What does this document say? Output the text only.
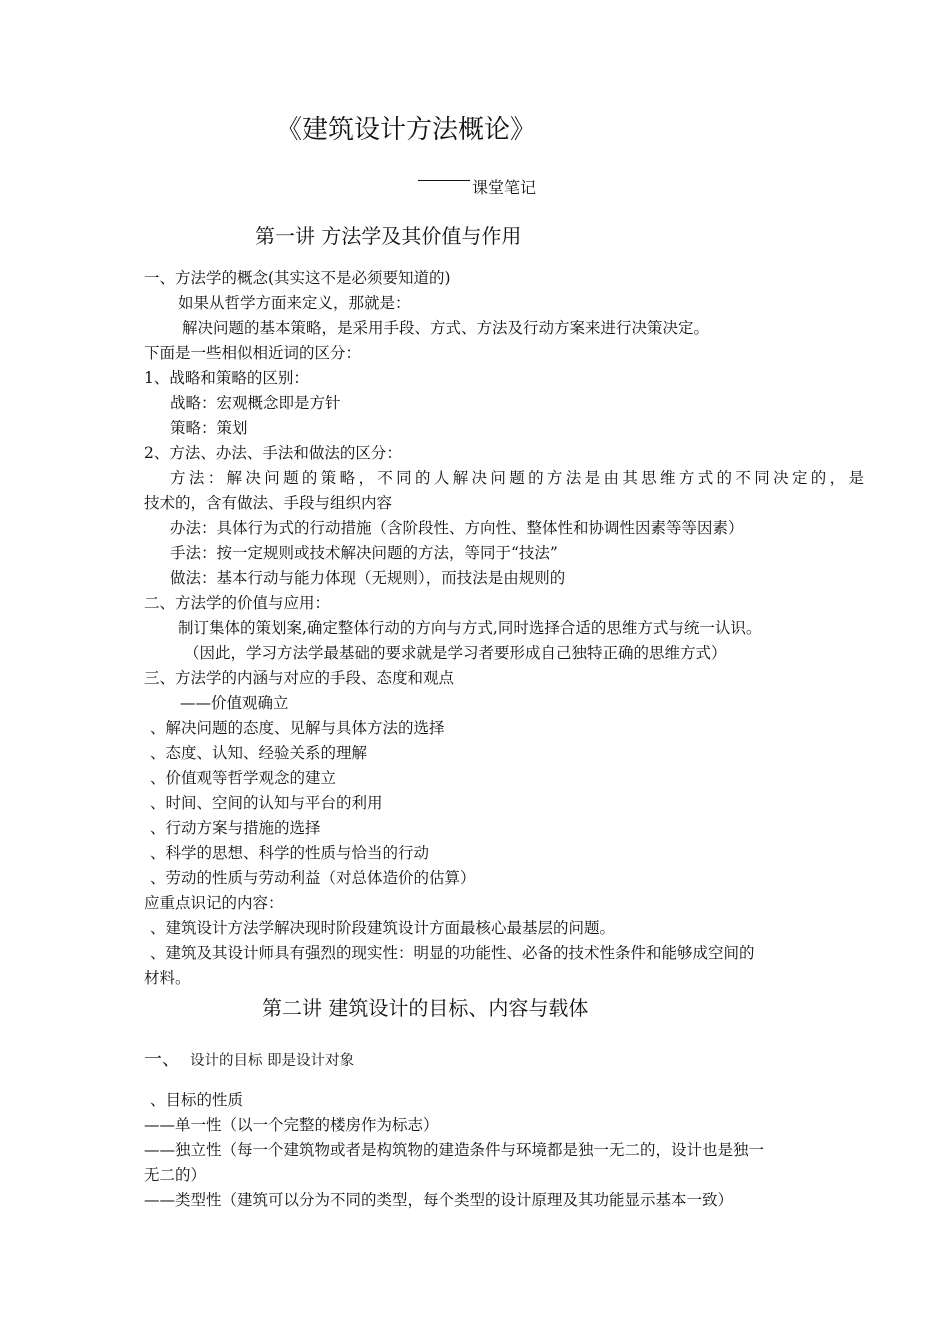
《建筑设计方法概论》
课堂笔记
第一讲 方法学及其价值与作用
一、方法学的概念(其实这不是必须要知道的)
如果从哲学方面来定义，那就是：
解决问题的基本策略，是采用手段、方式、方法及行动方案来进行决策决定。
下面是一些相似相近词的区分：
1、战略和策略的区别：
战略：宏观概念即是方针
策略：策划
2、方法、办法、手法和做法的区分：
方法：解决问题的策略，不同的人解决问题的方法是由其思维方式的不同决定的，是
技术的，含有做法、手段与组织内容
办法：具体行为式的行动措施（含阶段性、方向性、整体性和协调性因素等等因素）
手法：按一定规则或技术解决问题的方法，等同于“技法”
做法：基本行动与能力体现（无规则），而技法是由规则的
二、方法学的价值与应用：
制订集体的策划案,确定整体行动的方向与方式,同时选择合适的思维方式与统一认识。
（因此，学习方法学最基础的要求就是学习者要形成自己独特正确的思维方式）
三、方法学的内涵与对应的手段、态度和观点
——价值观确立
、解决问题的态度、见解与具体方法的选择
、态度、认知、经验关系的理解
、价值观等哲学观念的建立
、时间、空间的认知与平台的利用
、行动方案与措施的选择
、科学的思想、科学的性质与恰当的行动
、劳动的性质与劳动利益（对总体造价的估算）
应重点识记的内容：
、建筑设计方法学解决现时阶段建筑设计方面最核心最基层的问题。
、建筑及其设计师具有强烈的现实性：明显的功能性、必备的技术性条件和能够成空间的
材料。
第二讲 建筑设计的目标、内容与载体
一、 设计的目标 即是设计对象
、目标的性质
——单一性（以一个完整的楼房作为标志）
——独立性（每一个建筑物或者是构筑物的建造条件与环境都是独一无二的，设计也是独一
无二的）
——类型性（建筑可以分为不同的类型，每个类型的设计原理及其功能显示基本一致）
